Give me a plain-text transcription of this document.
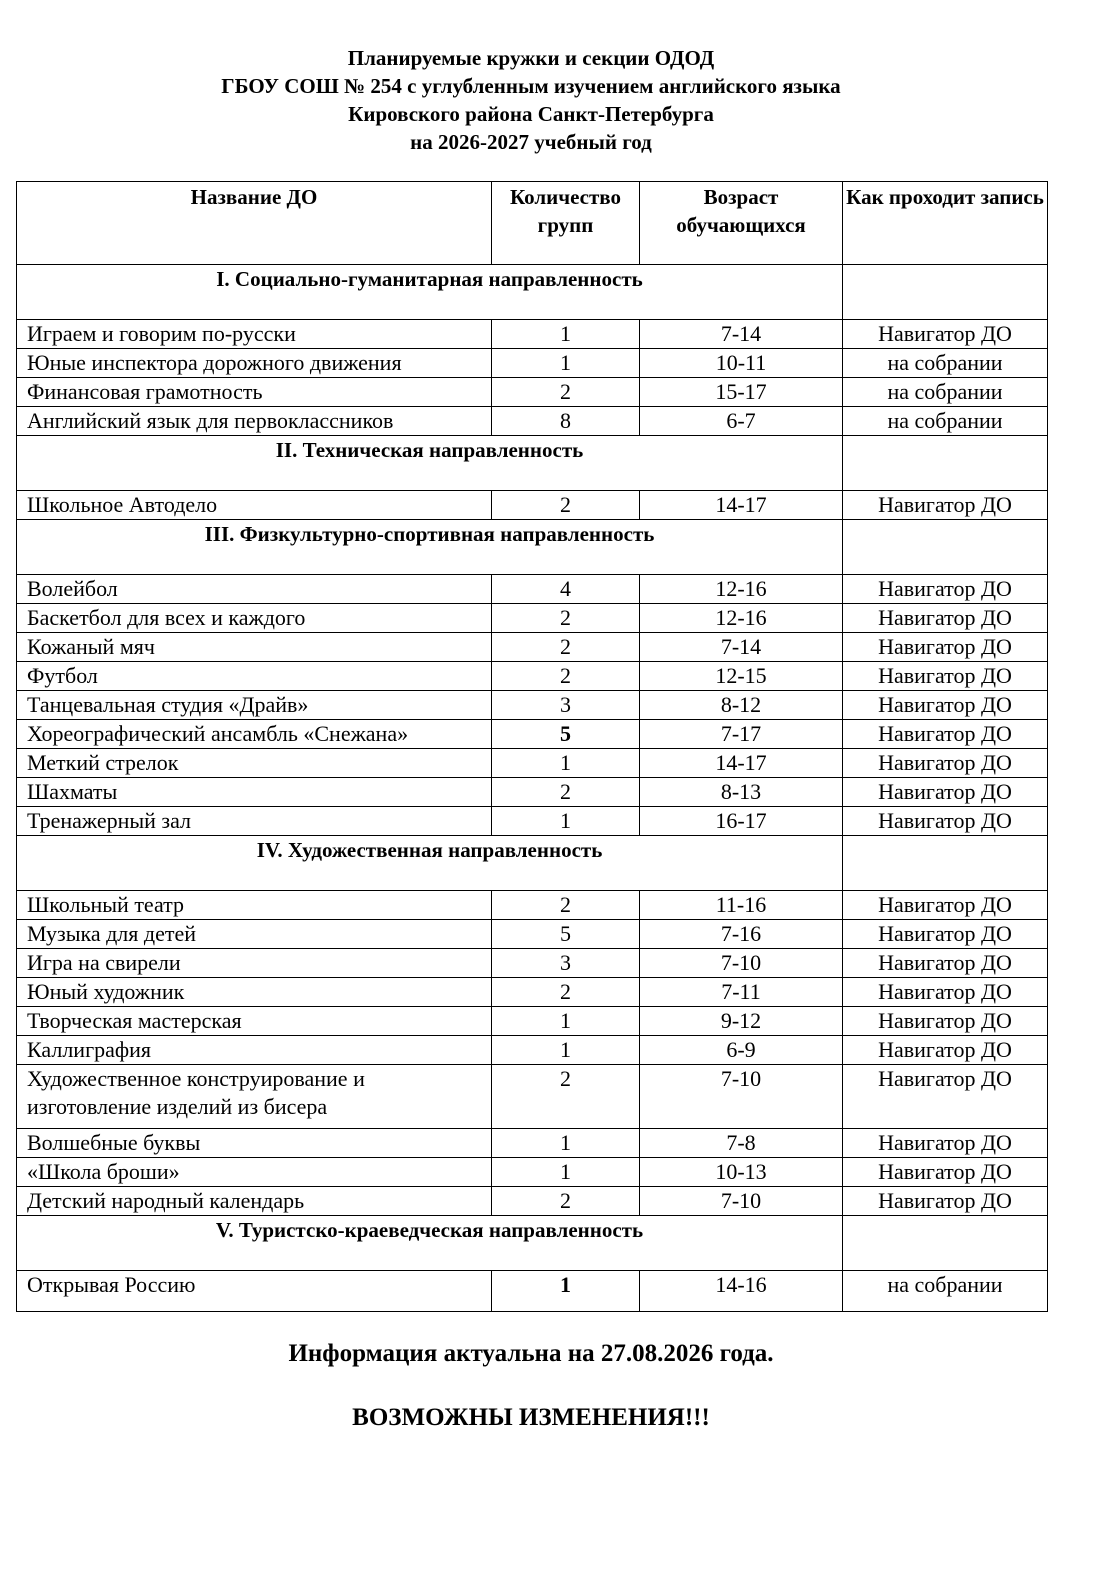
Планируемые кружки и секции ОДОД
ГБОУ СОШ № 254 с углубленным изучением английского языка
Кировского района Санкт-Петербурга
на 2026-2027 учебный год
Название ДО	Количество групп	Возраст обучающихся	Как проходит запись
I. Социально-гуманитарная направленность			
Играем и говорим по-русски	1	7-14	Навигатор ДО
Юные инспектора дорожного движения	1	10-11	на собрании
Финансовая грамотность	2	15-17	на собрании
Английский язык для первоклассников	8	6-7	на собрании
II. Техническая направленность			
Школьное Автодело	2	14-17	Навигатор ДО
III. Физкультурно-спортивная направленность			
Волейбол	4	12-16	Навигатор ДО
Баскетбол для всех и каждого	2	12-16	Навигатор ДО
Кожаный мяч	2	7-14	Навигатор ДО
Футбол	2	12-15	Навигатор ДО
Танцевальная студия «Драйв»	3	8-12	Навигатор ДО
Хореографический ансамбль «Снежана»	5	7-17	Навигатор ДО
Меткий стрелок	1	14-17	Навигатор ДО
Шахматы	2	8-13	Навигатор ДО
Тренажерный зал	1	16-17	Навигатор ДО
IV. Художественная направленность			
Школьный театр	2	11-16	Навигатор ДО
Музыка для детей	5	7-16	Навигатор ДО
Игра на свирели	3	7-10	Навигатор ДО
Юный художник	2	7-11	Навигатор ДО
Творческая мастерская	1	9-12	Навигатор ДО
Каллиграфия	1	6-9	Навигатор ДО
Художественное конструирование и изготовление изделий из бисера	2	7-10	Навигатор ДО
Волшебные буквы	1	7-8	Навигатор ДО
«Школа броши»	1	10-13	Навигатор ДО
Детский народный календарь	2	7-10	Навигатор ДО
V. Туристско-краеведческая направленность			
Открывая Россию	1	14-16	на собрании
Информация актуальна на 27.08.2026 года.
ВОЗМОЖНЫ ИЗМЕНЕНИЯ!!!
